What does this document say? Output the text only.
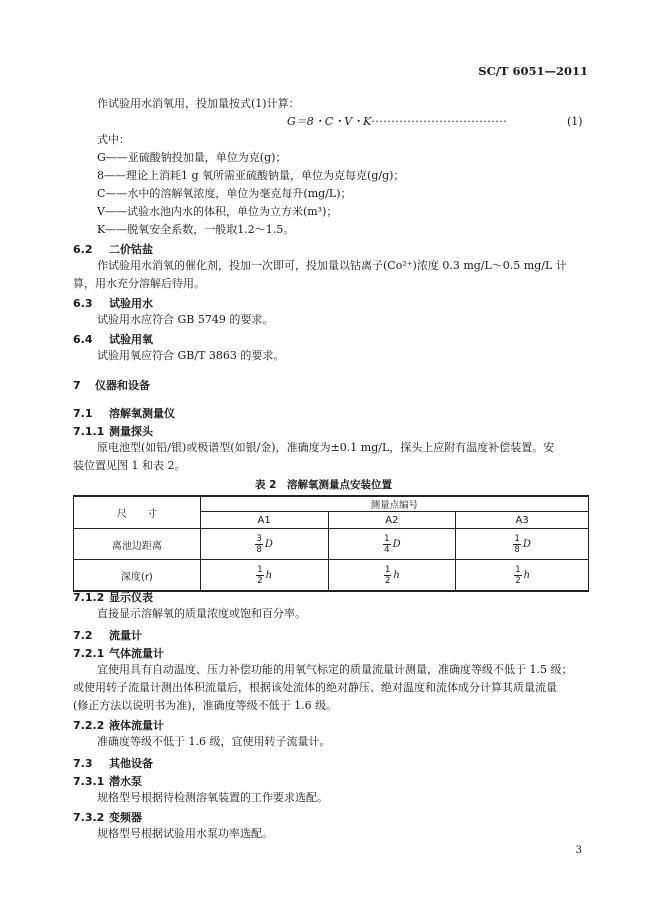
SC/T 6051—2011
作试验用水消氧用，投加量按式(1)计算：
G＝8・C・V・K··································	(1)
式中：
G——亚硫酸钠投加量，单位为克(g)；
8——理论上消耗1 g 氧所需亚硫酸钠量，单位为克每克(g/g)；
C——水中的溶解氧浓度，单位为毫克每升(mg/L)；
V——试验水池内水的体积，单位为立方米(m³)；
K——脱氧安全系数，一般取1.2～1.5。
6.2 二价钴盐
作试验用水消氧的催化剂，投加一次即可，投加量以钴离子(Co²⁺)浓度 0.3 mg/L～0.5 mg/L 计
算，用水充分溶解后待用。
6.3 试验用水
试验用水应符合 GB 5749 的要求。
6.4 试验用氧
试验用氧应符合 GB/T 3863 的要求。
7 仪器和设备
7.1 溶解氧测量仪
7.1.1 测量探头
原电池型(如铅/银)或极谱型(如银/金)，准确度为±0.1 mg/L，探头上应附有温度补偿装置。安
装位置见图 1 和表 2。
表 2　溶解氧测量点安装位置
尺　　寸	测量点编号		
	A1	A2	A3
离池边距离	$\frac{3}{8}$ D	$\frac{1}{4}$ D	$\frac{1}{8}$ D
深度(r)	$\frac{1}{2}$ h	$\frac{1}{2}$ h	$\frac{1}{2}$ h
7.1.2 显示仪表
直接显示溶解氧的质量浓度或饱和百分率。
7.2 流量计
7.2.1 气体流量计
宜使用具有自动温度、压力补偿功能的用氧气标定的质量流量计测量，准确度等级不低于 1.5 级；
或使用转子流量计测出体积流量后，根据该处流体的绝对静压、绝对温度和流体成分计算其质量流量
(修正方法以说明书为准)，准确度等级不低于 1.6 级。
7.2.2 液体流量计
准确度等级不低于 1.6 级，宜使用转子流量计。
7.3 其他设备
7.3.1 潜水泵
规格型号根据待检测溶氧装置的工作要求选配。
7.3.2 变频器
规格型号根据试验用水泵功率选配。
3
